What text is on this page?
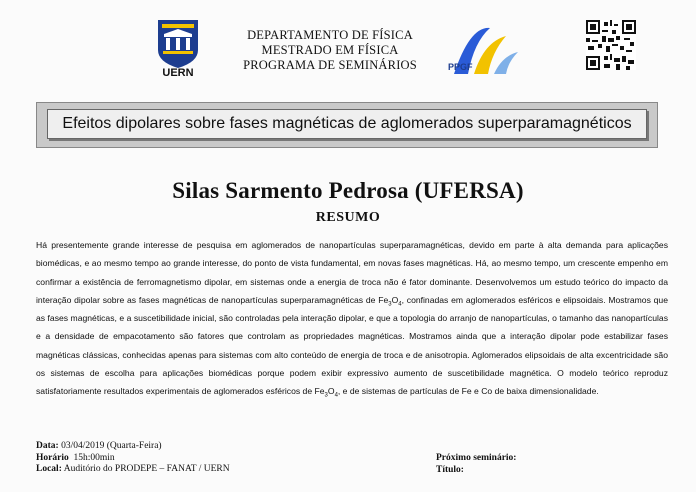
UERN
DEPARTAMENTO DE FÍSICA
MESTRADO EM FÍSICA
PROGRAMA DE SEMINÁRIOS	PPGF
Efeitos dipolares sobre fases magnéticas de aglomerados superparamagnéticos
Silas Sarmento Pedrosa (UFERSA)
RESUMO
Há presentemente grande interesse de pesquisa em aglomerados de nanopartículas superparamagnéticas, devido em parte à alta demanda para aplicações biomédicas, e ao mesmo tempo ao grande interesse, do ponto de vista fundamental, em novas fases magnéticas. Há, ao mesmo tempo, um crescente empenho em confirmar a existência de ferromagnetismo dipolar, em sistemas onde a energia de troca não é fator dominante. Desenvolvemos um estudo teórico do impacto da interação dipolar sobre as fases magnéticas de nanopartículas superparamagnéticas de $Fe_3O_4$, confinadas em aglomerados esféricos e elipsoidais. Mostramos que as fases magnéticas, e a suscetibilidade inicial, são controladas pela interação dipolar, e que a topologia do arranjo de nanopartículas, o tamanho das nanopartículas e a densidade de empacotamento são fatores que controlam as propriedades magnéticas. Mostramos ainda que a interação dipolar pode estabilizar fases magnéticas clássicas, conhecidas apenas para sistemas com alto conteúdo de energia de troca e de anisotropia. Aglomerados elipsoidais de alta excentricidade são os sistemas de escolha para aplicações biomédicas porque podem exibir expressivo aumento de suscetibilidade magnética. O modelo teórico reproduz satisfatoriamente resultados experimentais de aglomerados esféricos de $Fe_3O_4$, e de sistemas de partículas de Fe e Co de baixa dimensionalidade.
Data: 03/04/2019 (Quarta-Feira)
Horário 15h:00min
Local: Auditório do PRODEPE – FANAT / UERN
Próximo seminário:
Título:
